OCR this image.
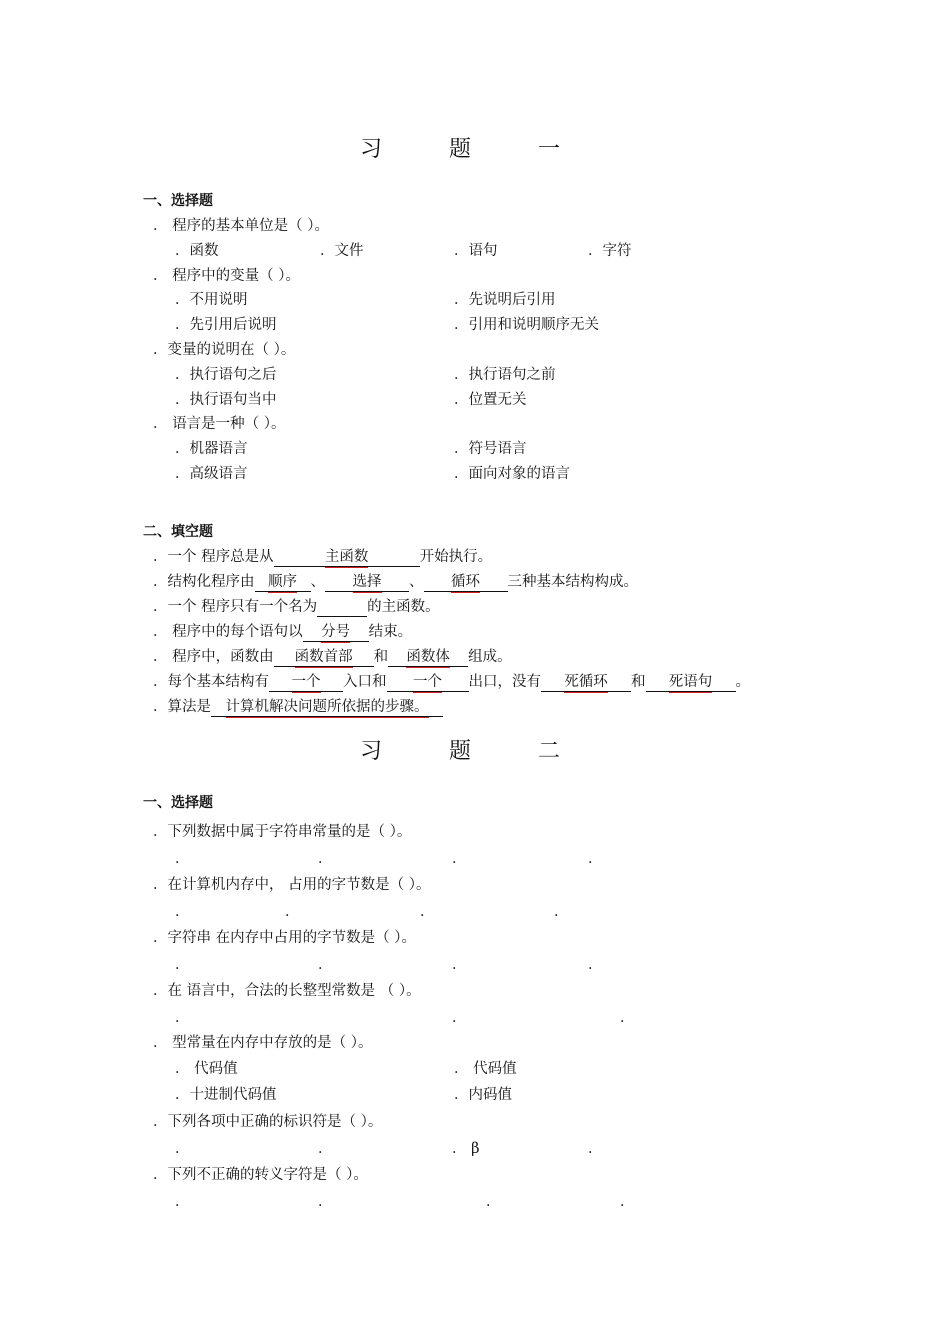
习 题 一
一、选择题
． 程序的基本单位是（ ）。
．函数	．文件	．语句	．字符
． 程序中的变量（ ）。
．不用说明	．先说明后引用
．先引用后说明	．引用和说明顺序无关
．变量的说明在（ ）。
．执行语句之后	．执行语句之前
．执行语句当中	．位置无关
． 语言是一种（ ）。
．机器语言	．符号语言
．高级语言	．面向对象的语言
二、填空题
．一个 程序总是从	主函数	开始执行。
．结构化程序由 顺序 、 选择 、 循环 三种基本结构构成。
．一个 程序只有一个名为	的主函数。
． 程序中的每个语句以 分号 结束。
． 程序中，函数由 函数首部 和 函数体 组成。
．每个基本结构有 一个 入口和 一个 出口，没有 死循环 和 死语句 。
．算法是 计算机解决问题所依据的步骤。
习 题 二
一、选择题
．下列数据中属于字符串常量的是（ ）。
．	．	．	．
．在计算机内存中， 占用的字节数是（ ）。
．	．	．	．
．字符串 在内存中占用的字节数是（ ）。
．	．	．	．
．在 语言中，合法的长整型常数是 （ ）。
．	．	．
． 型常量在内存中存放的是（ ）。
． 代码值	． 代码值
．十进制代码值	．内码值
．下列各项中正确的标识符是（ ）。
．	．	． β	．
．下列不正确的转义字符是（ ）。
．	．	．	．
